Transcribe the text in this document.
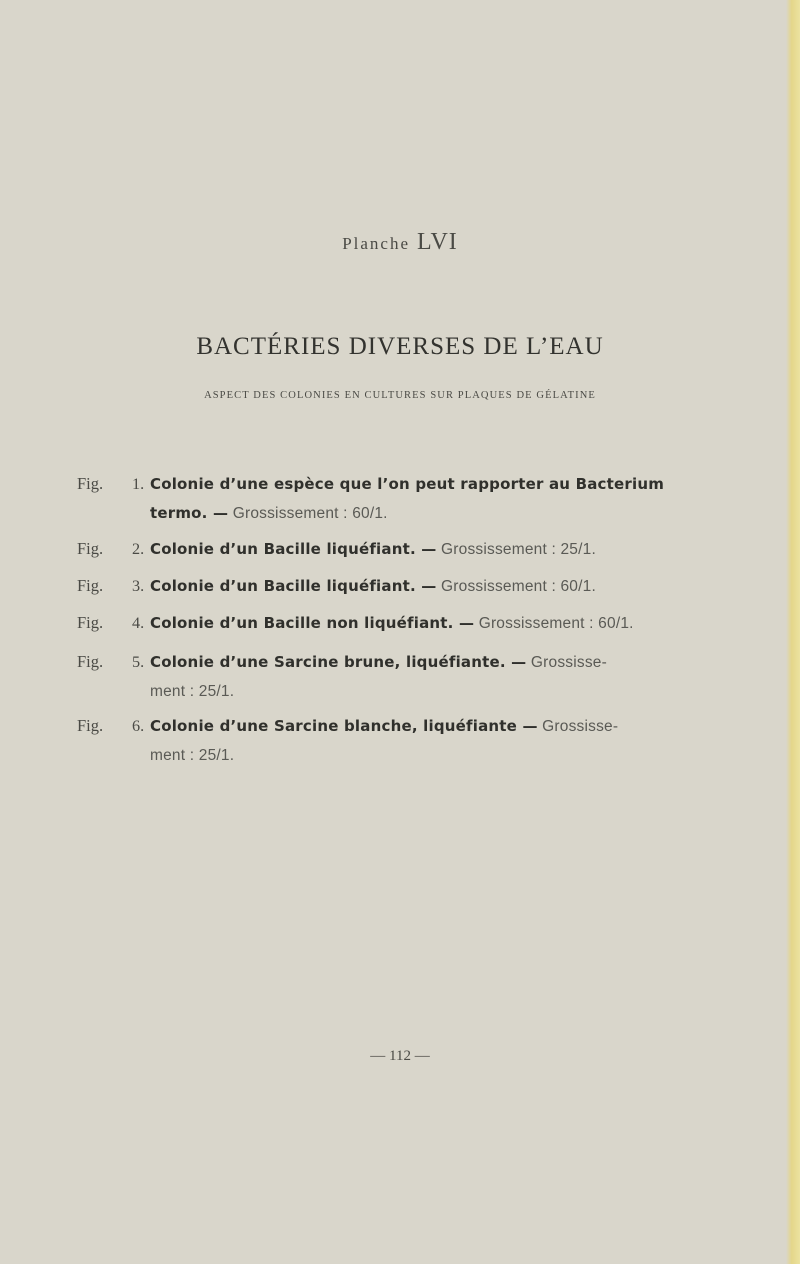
Planche LVI
BACTÉRIES DIVERSES DE L’EAU
ASPECT DES COLONIES EN CULTURES SUR PLAQUES DE GÉLATINE
Fig.	1. Colonie d’une espèce que l’on peut rapporter au Bacterium
termo. — Grossissement : 60/1.
Fig.	2. Colonie d’un Bacille liquéfiant. — Grossissement : 25/1.
Fig.	3. Colonie d’un Bacille liquéfiant. — Grossissement : 60/1.
Fig.	4. Colonie d’un Bacille non liquéfiant. — Grossissement : 60/1.
Fig.	5. Colonie d’une Sarcine brune, liquéfiante. — Grossisse-
ment : 25/1.
Fig.	6. Colonie d’une Sarcine blanche, liquéfiante — Grossisse-
ment : 25/1.
— 112 —
